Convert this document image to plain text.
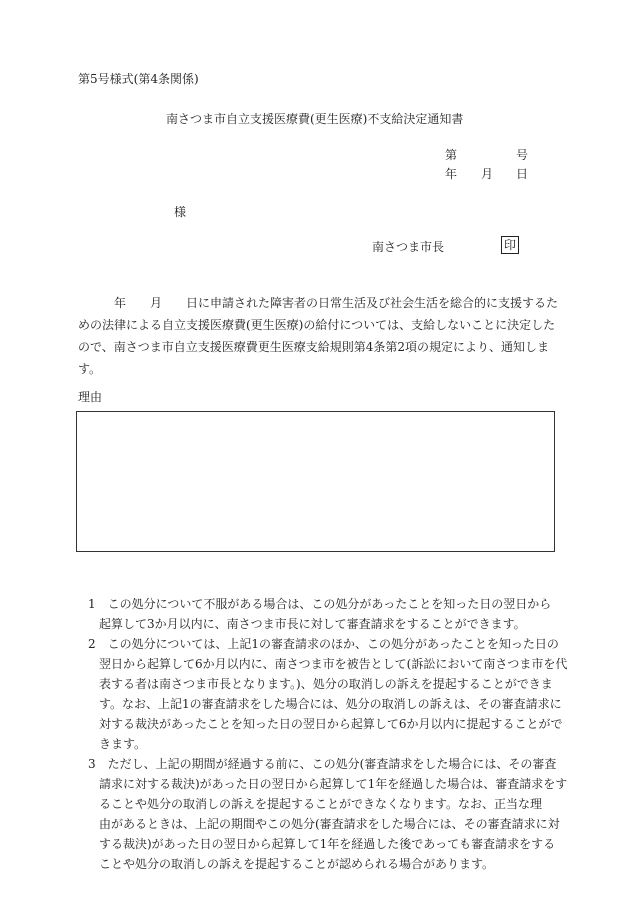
第5号様式(第4条関係)
南さつま市自立支援医療費(更生医療)不支給決定通知書
第	号
年 月 日
様
南さつま市長	印

　　　年　　月　　日に申請された障害者の日常生活及び社会生活を総合的に支援するた
めの法律による自立支援医療費(更生医療)の給付については、支給しないことに決定した
ので、南さつま市自立支援医療費更生医療支給規則第4条第2項の規定により、通知しま
す。

理由
1　この処分について不服がある場合は、この処分があったことを知った日の翌日から
起算して3か月以内に、南さつま市長に対して審査請求をすることができます。
2　この処分については、上記1の審査請求のほか、この処分があったことを知った日の
翌日から起算して6か月以内に、南さつま市を被告として(訴訟において南さつま市を代
表する者は南さつま市長となります。)、処分の取消しの訴えを提起することができま
す。なお、上記1の審査請求をした場合には、処分の取消しの訴えは、その審査請求に
対する裁決があったことを知った日の翌日から起算して6か月以内に提起することがで
きます。
3　ただし、上記の期間が経過する前に、この処分(審査請求をした場合には、その審査
請求に対する裁決)があった日の翌日から起算して1年を経過した場合は、審査請求をす
ることや処分の取消しの訴えを提起することができなくなります。なお、正当な理
由があるときは、上記の期間やこの処分(審査請求をした場合には、その審査請求に対
する裁決)があった日の翌日から起算して1年を経過した後であっても審査請求をする
ことや処分の取消しの訴えを提起することが認められる場合があります。
